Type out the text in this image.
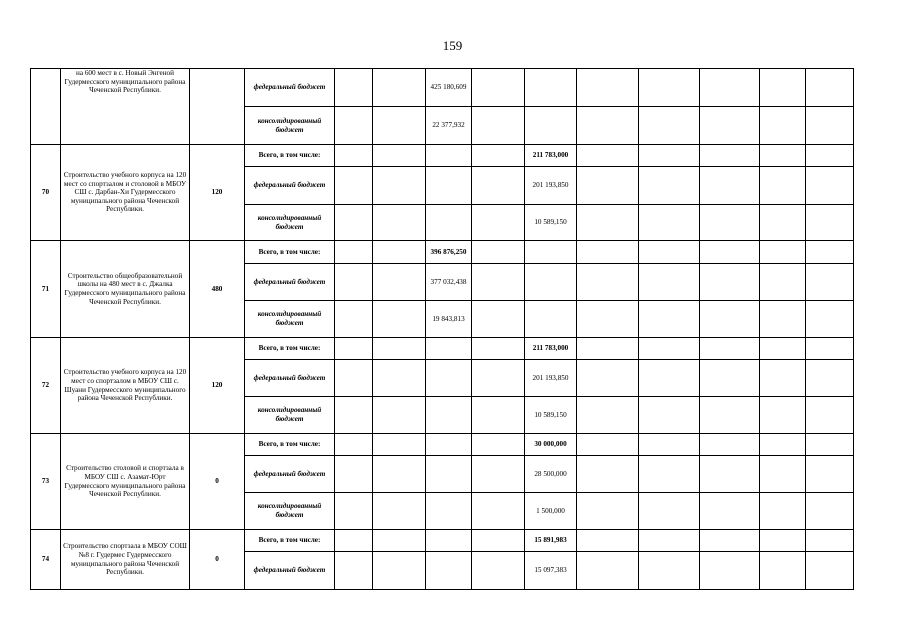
159
	на 600 мест в с. Новый Энгеной Гудермесского муниципального района Чеченской Республики.		федеральный бюджет			425 180,609							
			консолидированный бюджет			22 377,932							
70	Строительство учебного корпуса на 120 мест со спортзалом и столовой в МБОУ СШ с. Дарбан-Хи Гудермесского муниципального района Чеченской Республики.	120	Всего, в том числе:					211 783,000					
			федеральный бюджет					201 193,850					
			консолидированный бюджет					10 589,150					
71	Строительство общеобразовательной школы на 480 мест в с. Джалка Гудермесского муниципального района Чеченской Республики.	480	Всего, в том числе:			396 876,250							
			федеральный бюджет			377 032,438							
			консолидированный бюджет			19 843,813							
72	Строительство учебного корпуса на 120 мест со спортзалом в МБОУ СШ с. Шуани Гудермесского муниципального района Чеченской Республики.	120	Всего, в том числе:					211 783,000					
			федеральный бюджет					201 193,850					
			консолидированный бюджет					10 589,150					
73	Строительство столовой и спортзала в МБОУ СШ с. Азамат-Юрт Гудермесского муниципального района Чеченской Республики.	0	Всего, в том числе:					30 000,000					
			федеральный бюджет					28 500,000					
			консолидированный бюджет					1 500,000					
74	Строительство спортзала в МБОУ СОШ №8 г. Гудермес Гудермесского муниципального района Чеченской Республики.	0	Всего, в том числе:					15 891,983					
			федеральный бюджет					15 097,383					
